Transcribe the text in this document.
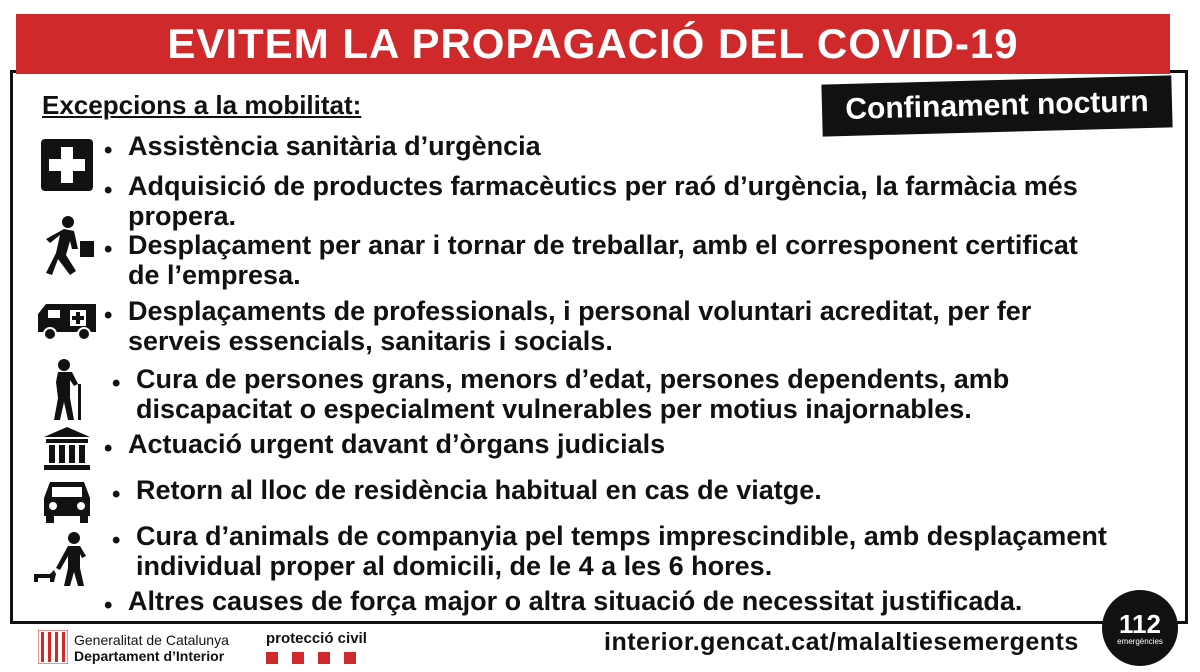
EVITEM LA PROPAGACIÓ DEL COVID-19
Excepcions a la mobilitat:	Confinament nocturn
• Assistència sanitària d’urgència
• Adquisició de productes farmacèutics per raó d’urgència, la farmàcia més
propera.
• Desplaçament per anar i tornar de treballar, amb el corresponent certificat
de l’empresa.
• Desplaçaments de professionals, i personal voluntari acreditat, per fer
serveis essencials, sanitaris i socials.
• Cura de persones grans, menors d’edat, persones dependents, amb
discapacitat o especialment vulnerables per motius inajornables.
• Actuació urgent davant d’òrgans judicials
• Retorn al lloc de residència habitual en cas de viatge.
• Cura d’animals de companyia pel temps imprescindible, amb desplaçament
individual proper al domicili, de le 4 a les 6 hores.
• Altres causes de força major o altra situació de necessitat justificada.
Generalitat de Catalunya
Departament d’Interior
protecció civil	interior.gencat.cat/malaltiesemergents
112
emergències
